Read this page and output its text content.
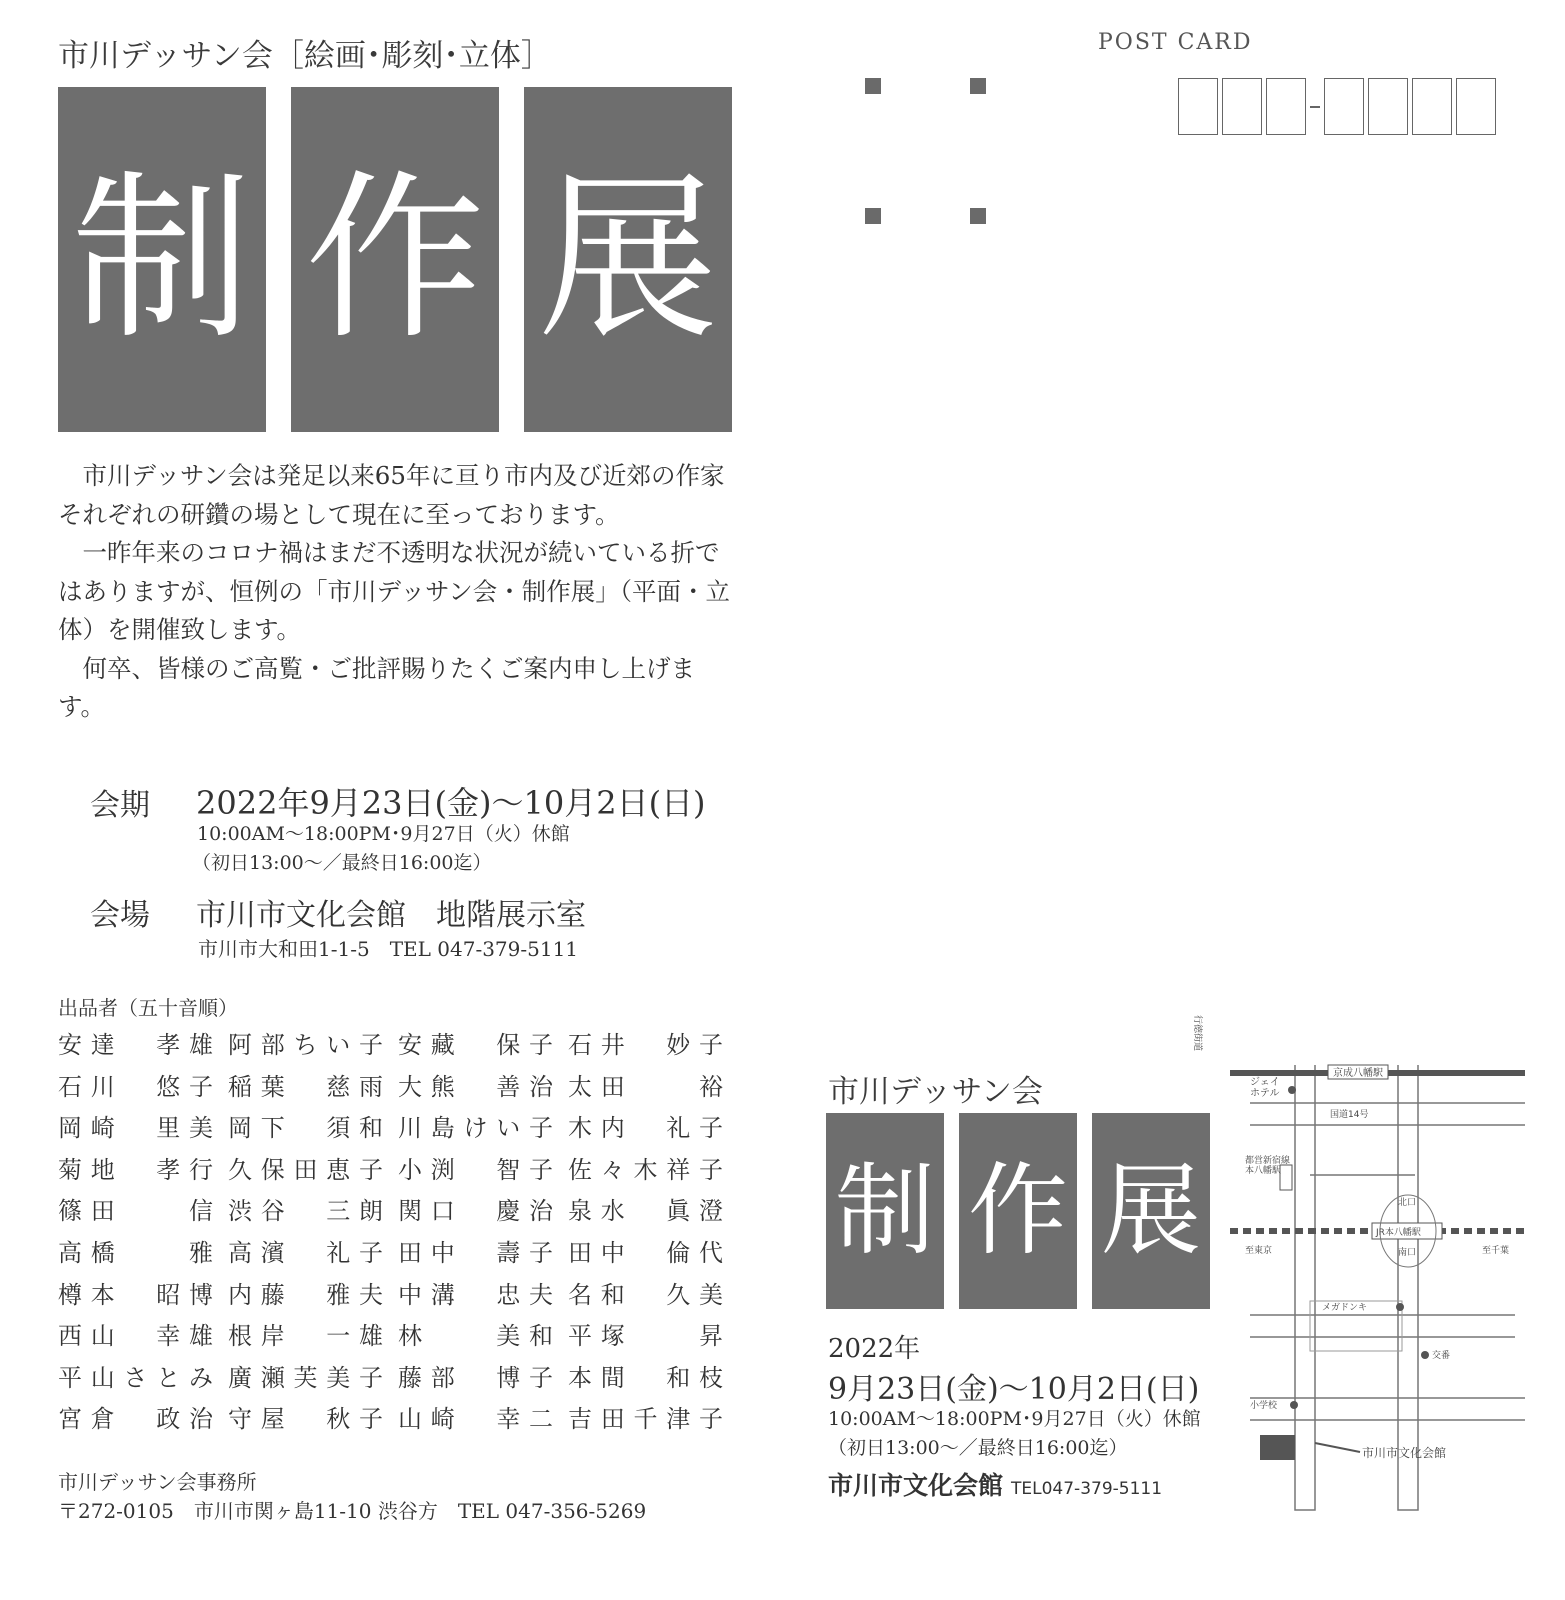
市川デッサン会［絵画･彫刻･立体］
制 作 展

市川デッサン会は発足以来65年に亘り市内及び近郊の作家それぞれの研鑽の場として現在に至っております。

一昨年来のコロナ禍はまだ不透明な状況が続いている折ではありますが、恒例の「市川デッサン会・制作展」（平面・立体）を開催致します。

何卒、皆様のご高覧・ご批評賜りたくご案内申し上げます。

会期 2022年9月23日(金)〜10月2日(日)
10:00AM〜18:00PM･9月27日（火）休館
（初日13:00〜／最終日16:00迄）
会場 市川市文化会館　地階展示室
市川市大和田1-1-5　TEL 047-379-5111
出品者（五十音順）
安達　孝雄 阿部ちい子 安藏　保子 石井　妙子
石川　悠子 稲葉　慈雨 大熊　善治 太田　　裕
岡崎　里美 岡下　須和 川島けい子 木内　礼子
菊地　孝行 久保田恵子 小渕　智子 佐々木祥子
篠田　　信 渋谷　三朗 関口　慶治 泉水　眞澄
高橋　　雅 高濱　礼子 田中　壽子 田中　倫代
樽本　昭博 内藤　雅夫 中溝　忠夫 名和　久美
西山　幸雄 根岸　一雄 林　　美和 平塚　　昇
平山さとみ 廣瀬芙美子 藤部　博子 本間　和枝
宮倉　政治 守屋　秋子 山崎　幸二 吉田千津子
市川デッサン会事務所
〒272-0105　市川市関ヶ島11-10 渋谷方　TEL 047-356-5269
POST CARD
市川デッサン会
制 作 展
2022年
9月23日(金)〜10月2日(日)
10:00AM〜18:00PM･9月27日（火）休館
（初日13:00〜／最終日16:00迄）
市川市文化会館 TEL047-379-5111
京成八幡駅
ジェイホテル
国道14号
都営新宿線本八幡駅
北口
JR本八幡駅
南口
至東京	至千葉
行徳街道
メガドンキ
交番
小学校
市川市文化会館
